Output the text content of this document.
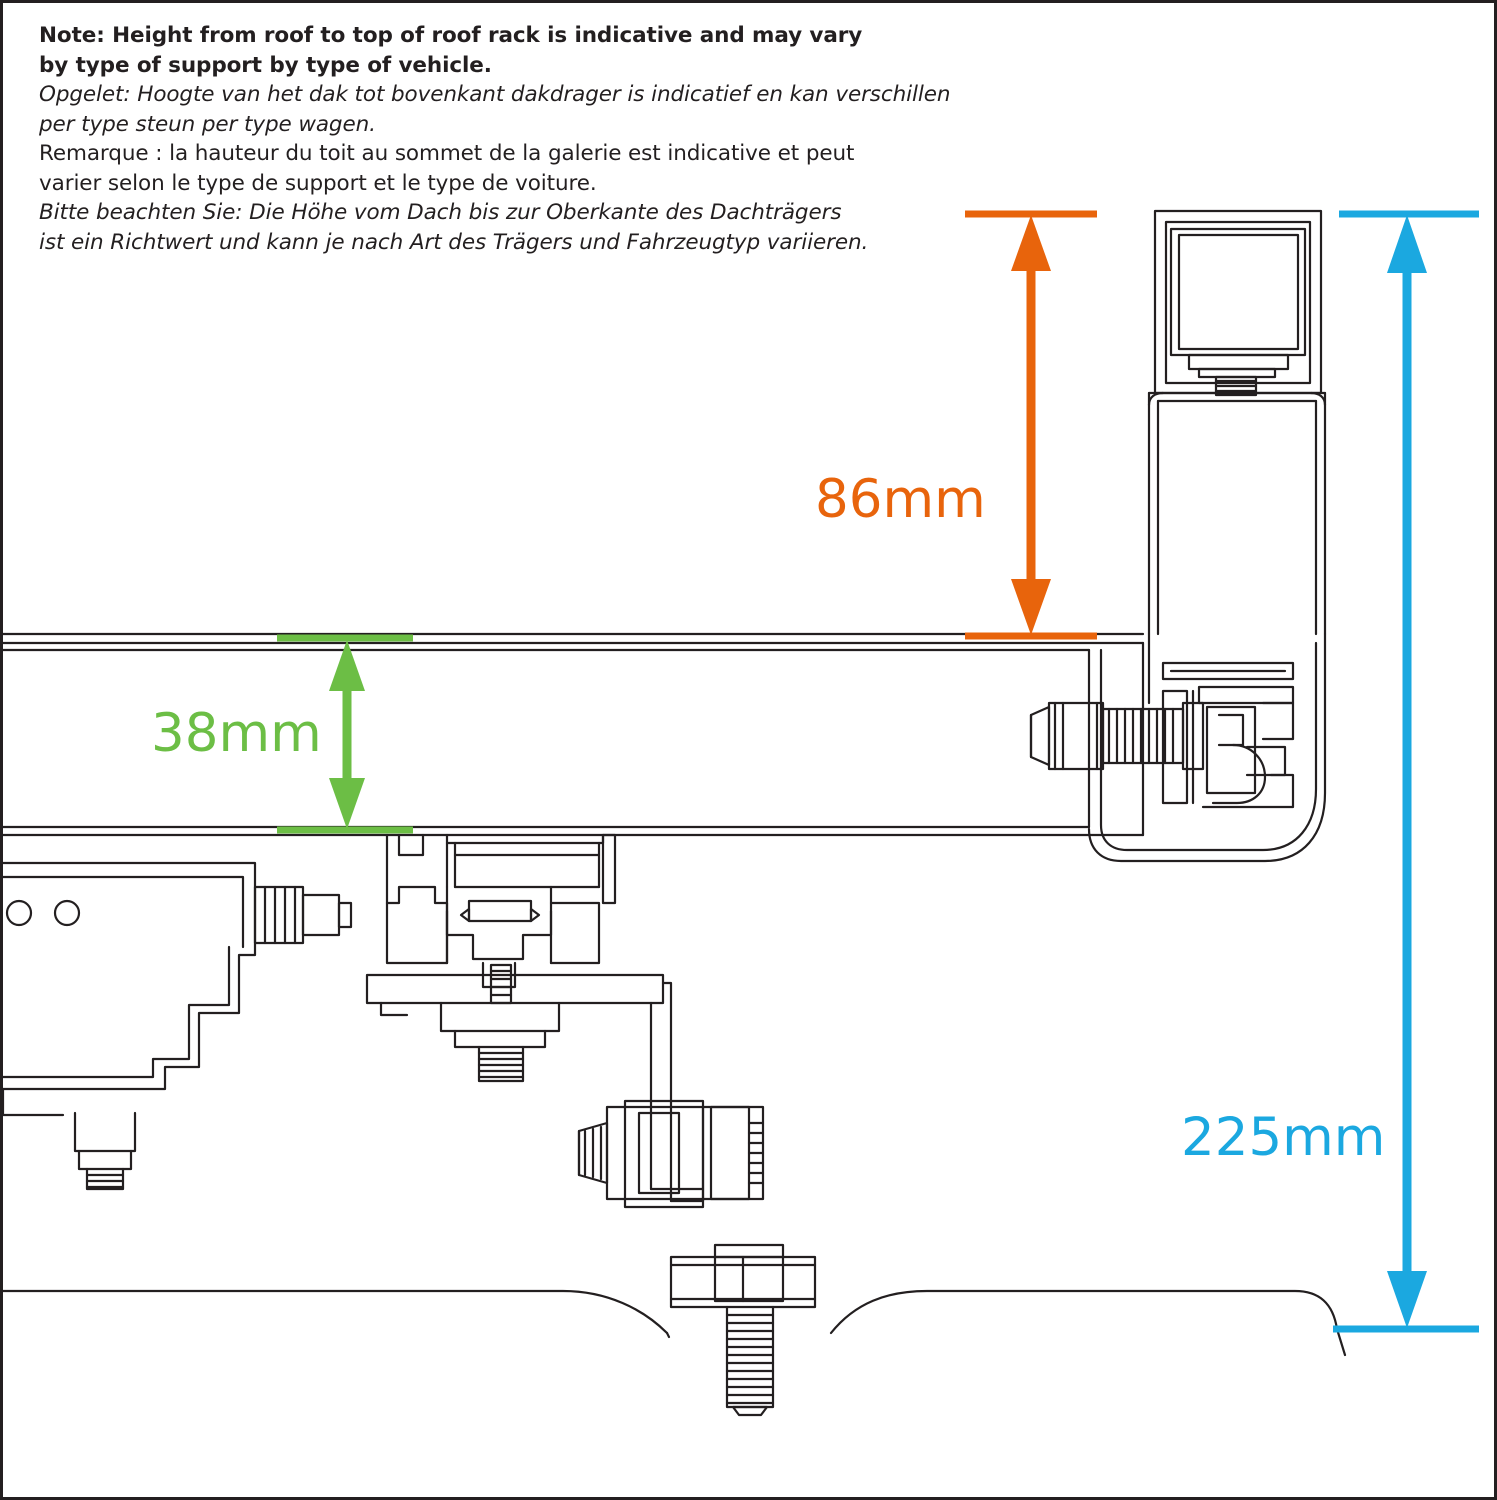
Note: Height from roof to top of roof rack is indicative and may vary
by type of support by type of vehicle.
Opgelet: Hoogte van het dak tot bovenkant dakdrager is indicatief en kan verschillen
per type steun per type wagen.
Remarque : la hauteur du toit au sommet de la galerie est indicative et peut
varier selon le type de support et le type de voiture.
Bitte beachten Sie: Die Höhe vom Dach bis zur Oberkante des Dachträgers
ist ein Richtwert und kann je nach Art des Trägers und Fahrzeugtyp variieren.
86mm
38mm
225mm
